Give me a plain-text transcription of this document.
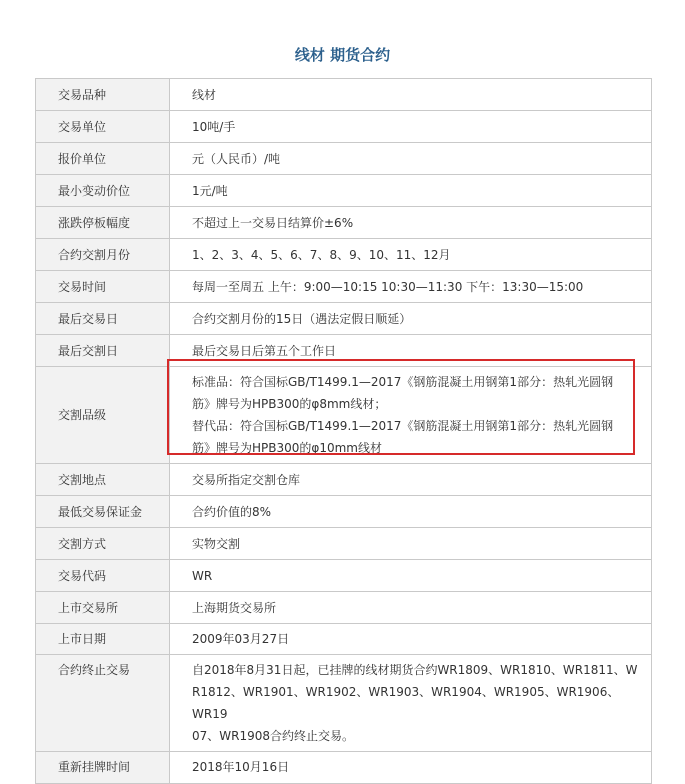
线材 期货合约
交易品种	线材
交易单位	10吨/手
报价单位	元（人民币）/吨
最小变动价位	1元/吨
涨跌停板幅度	不超过上一交易日结算价±6%
合约交割月份	1、2、3、4、5、6、7、8、9、10、11、12月
交易时间	每周一至周五 上午：9:00—10:15 10:30—11:30 下午：13:30—15:00
最后交易日	合约交割月份的15日（遇法定假日顺延）
最后交割日	最后交易日后第五个工作日
交割品级	标准品：符合国标GB/T1499.1—2017《钢筋混凝土用钢第1部分：热轧光圆钢
筋》牌号为HPB300的φ8mm线材；
替代品：符合国标GB/T1499.1—2017《钢筋混凝土用钢第1部分：热轧光圆钢
筋》牌号为HPB300的φ10mm线材

交割地点	交易所指定交割仓库
最低交易保证金	合约价值的8%
交割方式	实物交割
交易代码	WR
上市交易所	上海期货交易所
上市日期	2009年03月27日
合约终止交易	自2018年8月31日起，已挂牌的线材期货合约WR1809、WR1810、WR1811、W
R1812、WR1901、WR1902、WR1903、WR1904、WR1905、WR1906、WR19
07、WR1908合约终止交易。

重新挂牌时间	2018年10月16日
